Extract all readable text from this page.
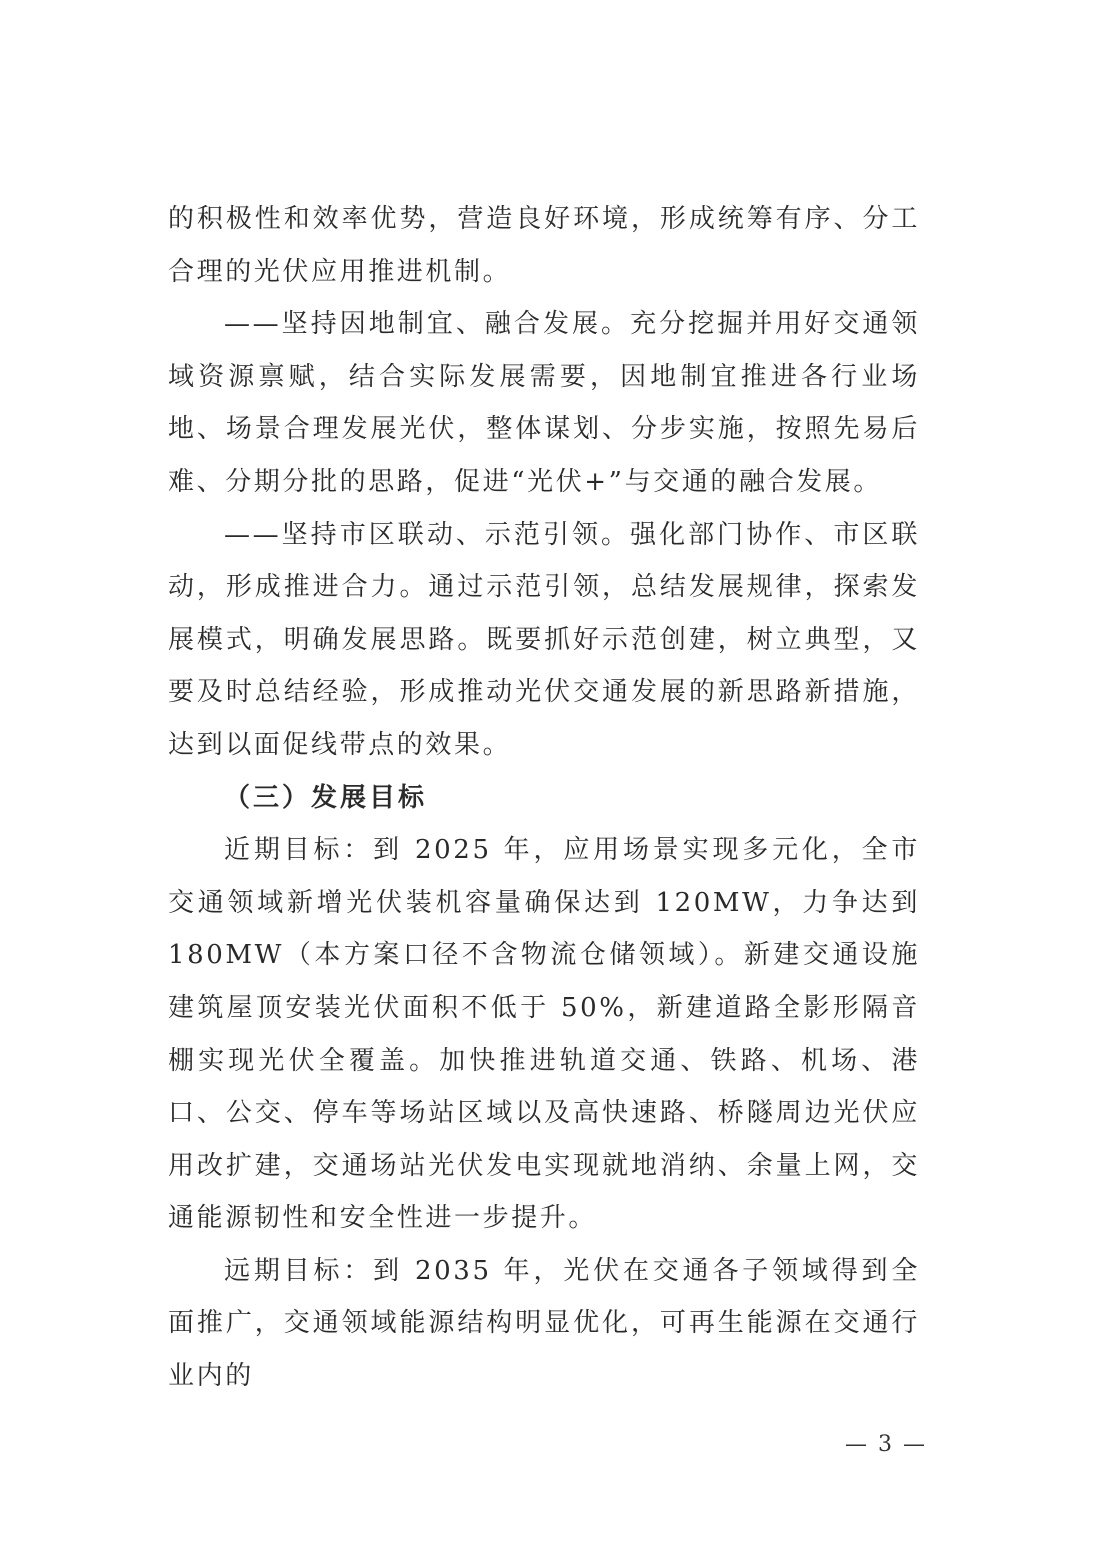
的积极性和效率优势，营造良好环境，形成统筹有序、分工合理的光伏应用推进机制。

——坚持因地制宜、融合发展。充分挖掘并用好交通领域资源禀赋，结合实际发展需要，因地制宜推进各行业场地、场景合理发展光伏，整体谋划、分步实施，按照先易后难、分期分批的思路，促进“光伏+”与交通的融合发展。

——坚持市区联动、示范引领。强化部门协作、市区联动，形成推进合力。通过示范引领，总结发展规律，探索发展模式，明确发展思路。既要抓好示范创建，树立典型，又要及时总结经验，形成推动光伏交通发展的新思路新措施，达到以面促线带点的效果。

（三）发展目标

近期目标：到 2025 年，应用场景实现多元化，全市交通领域新增光伏装机容量确保达到 120MW，力争达到 180MW（本方案口径不含物流仓储领域）。新建交通设施建筑屋顶安装光伏面积不低于 50%，新建道路全影形隔音棚实现光伏全覆盖。加快推进轨道交通、铁路、机场、港口、公交、停车等场站区域以及高快速路、桥隧周边光伏应用改扩建，交通场站光伏发电实现就地消纳、余量上网，交通能源韧性和安全性进一步提升。

远期目标：到 2035 年，光伏在交通各子领域得到全面推广，交通领域能源结构明显优化，可再生能源在交通行业内的

— 3 —
